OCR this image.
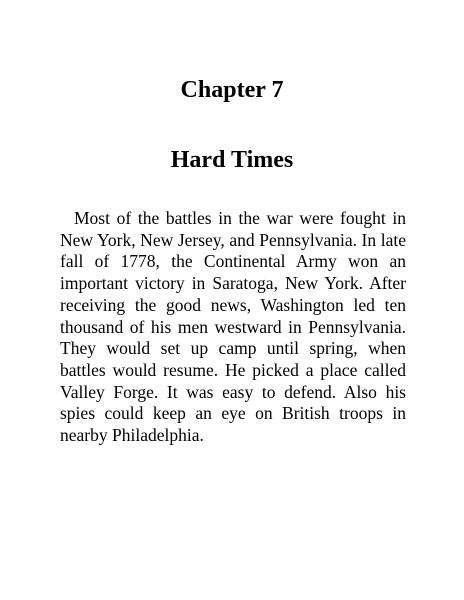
Chapter 7
Hard Times

Most of the battles in the war were fought in New York, New Jersey, and Pennsylvania. In late fall of 1778, the Continental Army won an important victory in Saratoga, New York. After receiving the good news, Washington led ten thousand of his men westward in Pennsylvania. They would set up camp until spring, when battles would resume. He picked a place called Valley Forge. It was easy to defend. Also his spies could keep an eye on British troops in nearby Philadelphia.
